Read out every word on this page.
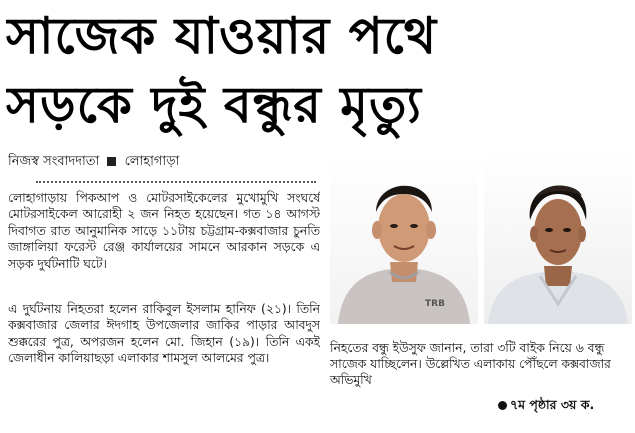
সাজেক যাওয়ার পথে
সড়কে দুই বন্ধুর মৃত্যু
নিজস্ব সংবাদদাতা লোহাগাড়া
লোহাগাড়ায় পিকআপ ও মোটরসাইকেলের মুখোমুখি সংঘর্ষে মোটরসাইকেল আরোহী ২ জন নিহত হয়েছেন। গত ১৪ আগস্ট দিবাগত রাত আনুমানিক সাড়ে ১১টায় চট্টগ্রাম-কক্সবাজার চুনতি জাঙ্গালিয়া ফরেস্ট রেঞ্জ কার্যালয়ের সামনে আরকান সড়কে এ সড়ক দুর্ঘটনাটি ঘটে।
এ দুর্ঘটনায় নিহতরা হলেন রাকিবুল ইসলাম হানিফ (২১)। তিনি কক্সবাজার জেলার ঈদগাহ উপজেলার জাকির পাড়ার আবদুস শুক্করের পুত্র, অপরজন হলেন মো. জিহান (১৯)। তিনি একই জেলাধীন কালিয়াছড়া এলাকার শামসুল আলমের পুত্র।
TRB
নিহতের বন্ধু ইউসুফ জানান, তারা ৩টি বাইক নিয়ে ৬ বন্ধু সাজেক যাচ্ছিলেন। উল্লেখিত এলাকায় পৌঁছলে কক্সবাজার অভিমুখি
৭ম পৃষ্ঠার ৩য় ক.
